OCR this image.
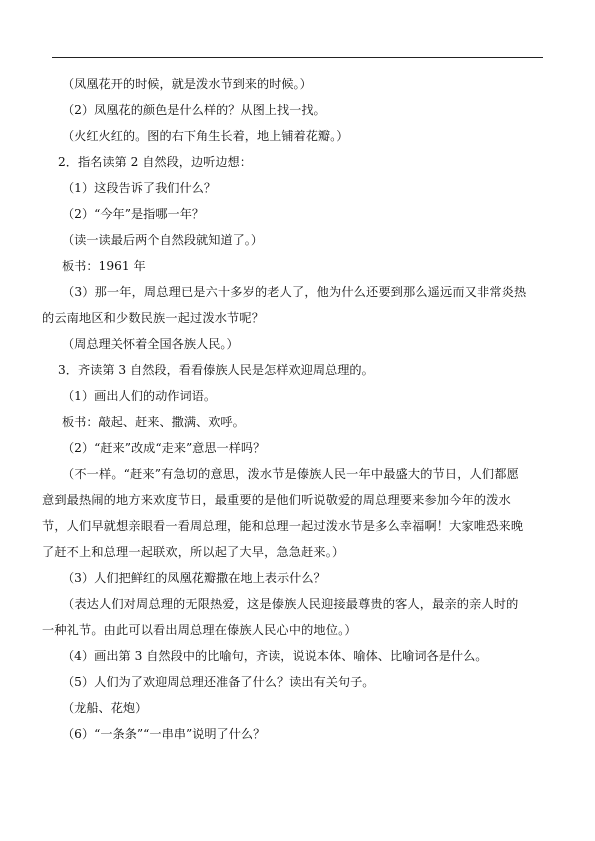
（凤凰花开的时候，就是泼水节到来的时候。）
（2）凤凰花的颜色是什么样的？从图上找一找。
（火红火红的。图的右下角生长着，地上铺着花瓣。）
2．指名读第 2 自然段，边听边想：
（1）这段告诉了我们什么？
（2）“今年”是指哪一年？
（读一读最后两个自然段就知道了。）
板书：1961 年
（3）那一年，周总理已是六十多岁的老人了，他为什么还要到那么遥远而又非常炎热的云南地区和少数民族一起过泼水节呢？
（周总理关怀着全国各族人民。）
3．齐读第 3 自然段，看看傣族人民是怎样欢迎周总理的。
（1）画出人们的动作词语。
板书：敲起、赶来、撒满、欢呼。
（2）“赶来”改成“走来”意思一样吗？
（不一样。“赶来”有急切的意思，泼水节是傣族人民一年中最盛大的节日，人们都愿意到最热闹的地方来欢度节日，最重要的是他们听说敬爱的周总理要来参加今年的泼水节，人们早就想亲眼看一看周总理，能和总理一起过泼水节是多么幸福啊！大家唯恐来晚了赶不上和总理一起联欢，所以起了大早，急急赶来。）
（3）人们把鲜红的凤凰花瓣撒在地上表示什么？
（表达人们对周总理的无限热爱，这是傣族人民迎接最尊贵的客人，最亲的亲人时的一种礼节。由此可以看出周总理在傣族人民心中的地位。）
（4）画出第 3 自然段中的比喻句，齐读，说说本体、喻体、比喻词各是什么。
（5）人们为了欢迎周总理还准备了什么？读出有关句子。
（龙船、花炮）
（6）“一条条”“一串串”说明了什么？
